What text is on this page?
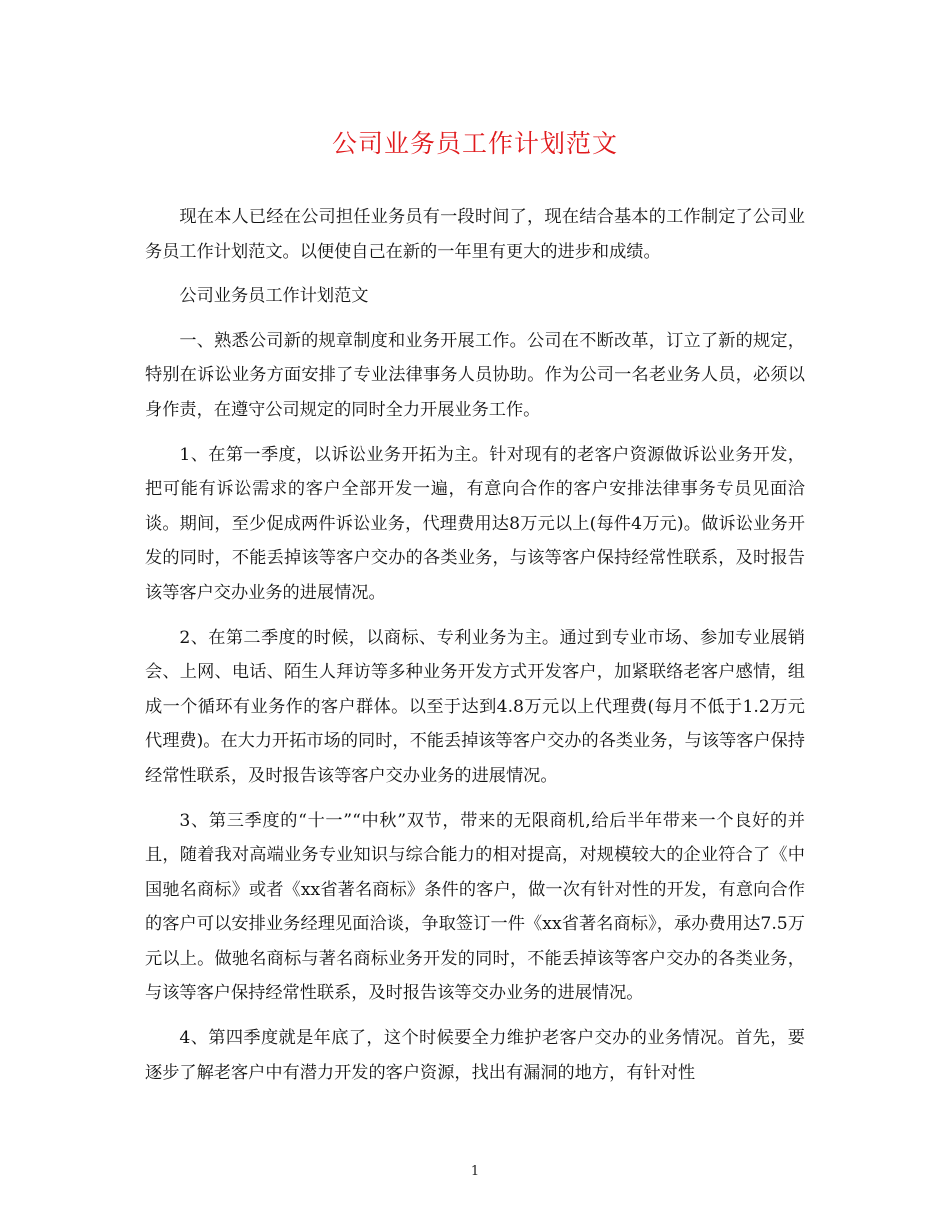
公司业务员工作计划范文

现在本人已经在公司担任业务员有一段时间了，现在结合基本的工作制定了公司业务员工作计划范文。以便使自己在新的一年里有更大的进步和成绩。

公司业务员工作计划范文

一、熟悉公司新的规章制度和业务开展工作。公司在不断改革，订立了新的规定，特别在诉讼业务方面安排了专业法律事务人员协助。作为公司一名老业务人员，必须以身作责，在遵守公司规定的同时全力开展业务工作。

1、在第一季度，以诉讼业务开拓为主。针对现有的老客户资源做诉讼业务开发，把可能有诉讼需求的客户全部开发一遍，有意向合作的客户安排法律事务专员见面洽谈。期间，至少促成两件诉讼业务，代理费用达8万元以上(每件4万元)。做诉讼业务开发的同时，不能丢掉该等客户交办的各类业务，与该等客户保持经常性联系，及时报告该等客户交办业务的进展情况。

2、在第二季度的时候，以商标、专利业务为主。通过到专业市场、参加专业展销会、上网、电话、陌生人拜访等多种业务开发方式开发客户，加紧联络老客户感情，组成一个循环有业务作的客户群体。以至于达到4.8万元以上代理费(每月不低于1.2万元代理费)。在大力开拓市场的同时，不能丢掉该等客户交办的各类业务，与该等客户保持经常性联系，及时报告该等客户交办业务的进展情况。

3、第三季度的“十一”“中秋”双节，带来的无限商机,给后半年带来一个良好的并且，随着我对高端业务专业知识与综合能力的相对提高，对规模较大的企业符合了《中国驰名商标》或者《xx省著名商标》条件的客户，做一次有针对性的开发，有意向合作的客户可以安排业务经理见面洽谈，争取签订一件《xx省著名商标》，承办费用达7.5万元以上。做驰名商标与著名商标业务开发的同时，不能丢掉该等客户交办的各类业务，与该等客户保持经常性联系，及时报告该等交办业务的进展情况。

4、第四季度就是年底了，这个时候要全力维护老客户交办的业务情况。首先，要逐步了解老客户中有潜力开发的客户资源，找出有漏洞的地方，有针对性

1
